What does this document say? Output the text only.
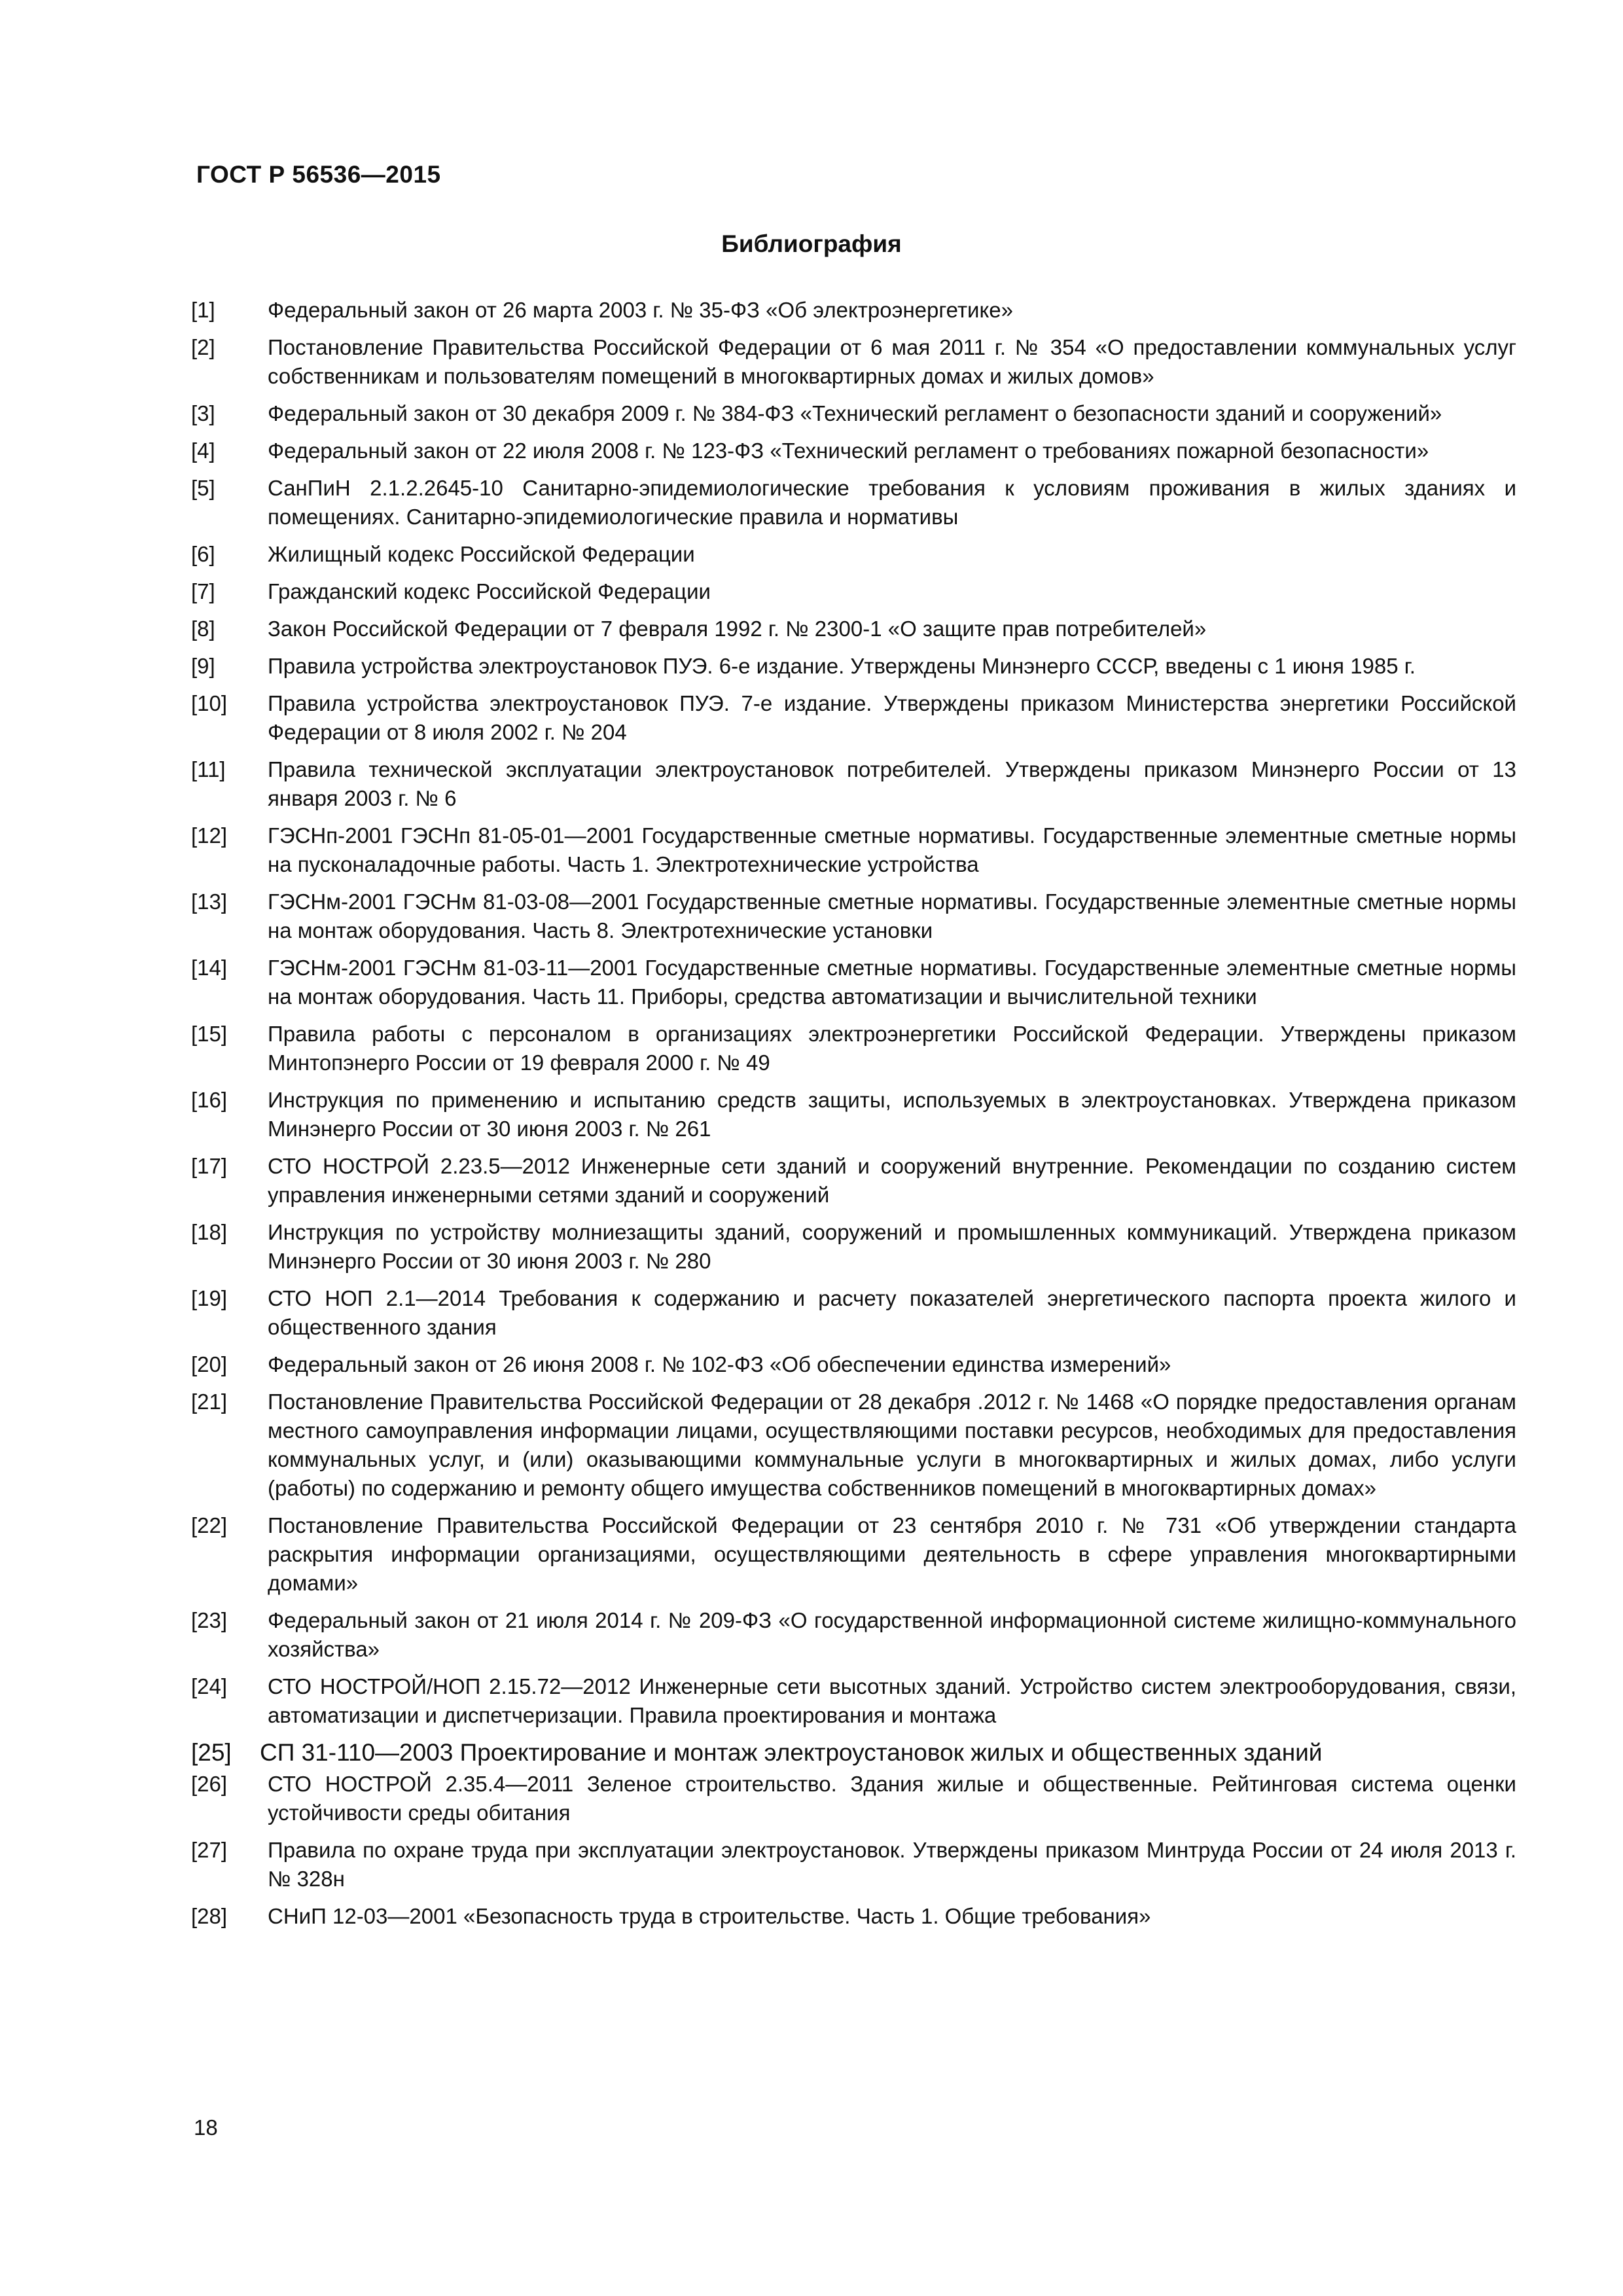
ГОСТ Р 56536—2015
Библиография
[1]	Федеральный закон от 26 марта 2003 г. № 35-ФЗ «Об электроэнергетике»
[2]	Постановление Правительства Российской Федерации от 6 мая 2011 г. № 354 «О предоставлении коммунальных услуг собственникам и пользователям помещений в многоквартирных домах и жилых домов»
[3]	Федеральный закон от 30 декабря 2009 г. № 384-ФЗ «Технический регламент о безопасности зданий и сооружений»
[4]	Федеральный закон от 22 июля 2008 г. № 123-ФЗ «Технический регламент о требованиях пожарной безопасности»
[5]	СанПиН 2.1.2.2645-10 Санитарно-эпидемиологические требования к условиям проживания в жилых зданиях и помещениях. Санитарно-эпидемиологические правила и нормативы
[6]	Жилищный кодекс Российской Федерации
[7]	Гражданский кодекс Российской Федерации
[8]	Закон Российской Федерации от 7 февраля 1992 г. № 2300-1 «О защите прав потребителей»
[9]	Правила устройства электроустановок ПУЭ. 6-е издание. Утверждены Минэнерго СССР, введены с 1 июня 1985 г.
[10]	Правила устройства электроустановок ПУЭ. 7-е издание. Утверждены приказом Министерства энергетики Российской Федерации от 8 июля 2002 г. № 204
[11]	Правила технической эксплуатации электроустановок потребителей. Утверждены приказом Минэнерго России от 13 января 2003 г. № 6
[12]	ГЭСНп-2001 ГЭСНп 81-05-01—2001 Государственные сметные нормативы. Государственные элементные сметные нормы на пусконаладочные работы. Часть 1. Электротехнические устройства
[13]	ГЭСНм-2001 ГЭСНм 81-03-08—2001 Государственные сметные нормативы. Государственные элементные сметные нормы на монтаж оборудования. Часть 8. Электротехнические установки
[14]	ГЭСНм-2001 ГЭСНм 81-03-11—2001 Государственные сметные нормативы. Государственные элементные сметные нормы на монтаж оборудования. Часть 11. Приборы, средства автоматизации и вычислительной техники
[15]	Правила работы с персоналом в организациях электроэнергетики Российской Федерации. Утверждены приказом Минтопэнерго России от 19 февраля 2000 г. № 49
[16]	Инструкция по применению и испытанию средств защиты, используемых в электроустановках. Утверждена приказом Минэнерго России от 30 июня 2003 г. № 261
[17]	СТО НОСТРОЙ 2.23.5—2012 Инженерные сети зданий и сооружений внутренние. Рекомендации по созданию систем управления инженерными сетями зданий и сооружений
[18]	Инструкция по устройству молниезащиты зданий, сооружений и промышленных коммуникаций. Утверждена приказом Минэнерго России от 30 июня 2003 г. № 280
[19]	СТО НОП 2.1—2014 Требования к содержанию и расчету показателей энергетического паспорта проекта жилого и общественного здания
[20]	Федеральный закон от 26 июня 2008 г. № 102-ФЗ «Об обеспечении единства измерений»
[21]	Постановление Правительства Российской Федерации от 28 декабря .2012 г. № 1468 «О порядке предоставления органам местного самоуправления информации лицами, осуществляющими поставки ресурсов, необходимых для предоставления коммунальных услуг, и (или) оказывающими коммунальные услуги в многоквартирных и жилых домах, либо услуги (работы) по содержанию и ремонту общего имущества собственников помещений в многоквартирных домах»
[22]	Постановление Правительства Российской Федерации от 23 сентября 2010 г. № 731 «Об утверждении стандарта раскрытия информации организациями, осуществляющими деятельность в сфере управления многоквартирными домами»
[23]	Федеральный закон от 21 июля 2014 г. № 209-ФЗ «О государственной информационной системе жилищно-коммунального хозяйства»
[24]	СТО НОСТРОЙ/НОП 2.15.72—2012 Инженерные сети высотных зданий. Устройство систем электрооборудования, связи, автоматизации и диспетчеризации. Правила проектирования и монтажа
[25]	СП 31-110—2003 Проектирование и монтаж электроустановок жилых и общественных зданий
[26]	СТО НОСТРОЙ 2.35.4—2011 Зеленое строительство. Здания жилые и общественные. Рейтинговая система оценки устойчивости среды обитания
[27]	Правила по охране труда при эксплуатации электроустановок. Утверждены приказом Минтруда России от 24 июля 2013 г. № 328н
[28]	СНиП 12-03—2001 «Безопасность труда в строительстве. Часть 1. Общие требования»
18
